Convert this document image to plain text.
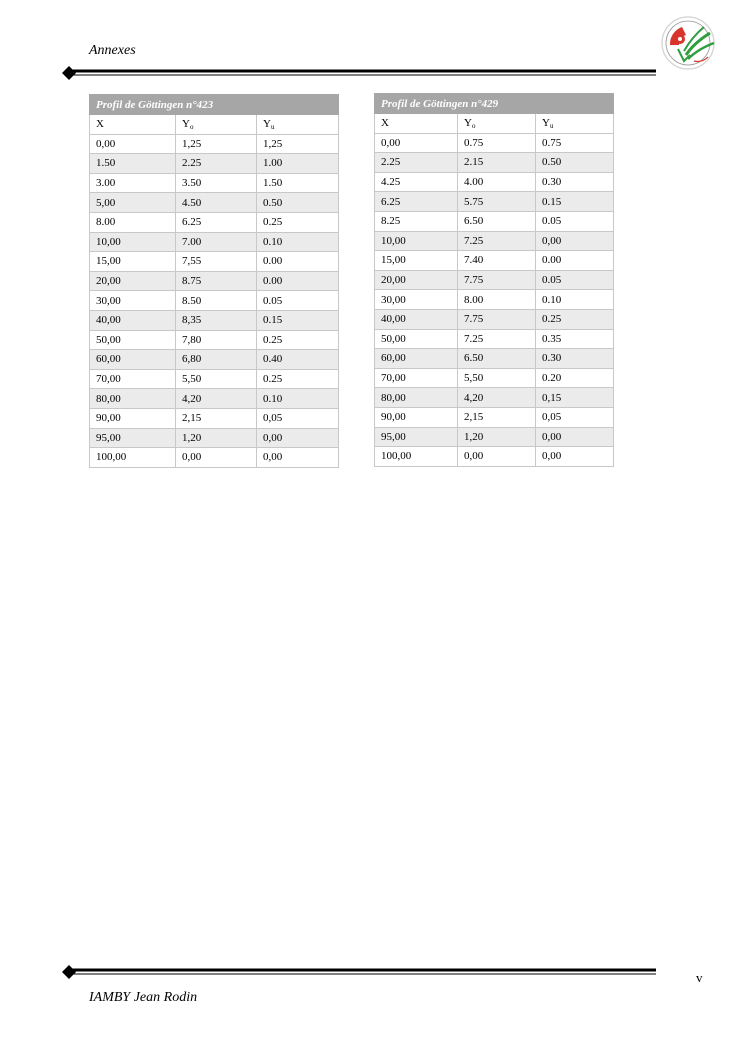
Annexes
Profil de Göttingen n°423		
X	$Y_o$	$Y_u$
0,00	1,25	1,25
1.50	2.25	1.00
3.00	3.50	1.50
5,00	4.50	0.50
8.00	6.25	0.25
10,00	7.00	0.10
15,00	7,55	0.00
20,00	8.75	0.00
30,00	8.50	0.05
40,00	8,35	0.15
50,00	7,80	0.25
60,00	6,80	0.40
70,00	5,50	0.25
80,00	4,20	0.10
90,00	2,15	0,05
95,00	1,20	0,00
100,00	0,00	0,00
Profil de Göttingen n°429		
X	$Y_o$	$Y_u$
0,00	0.75	0.75
2.25	2.15	0.50
4.25	4.00	0.30
6.25	5.75	0.15
8.25	6.50	0.05
10,00	7.25	0,00
15,00	7.40	0.00
20,00	7.75	0.05
30,00	8.00	0.10
40,00	7.75	0.25
50,00	7.25	0.35
60,00	6.50	0.30
70,00	5,50	0.20
80,00	4,20	0,15
90,00	2,15	0,05
95,00	1,20	0,00
100,00	0,00	0,00
v
IAMBY Jean Rodin
